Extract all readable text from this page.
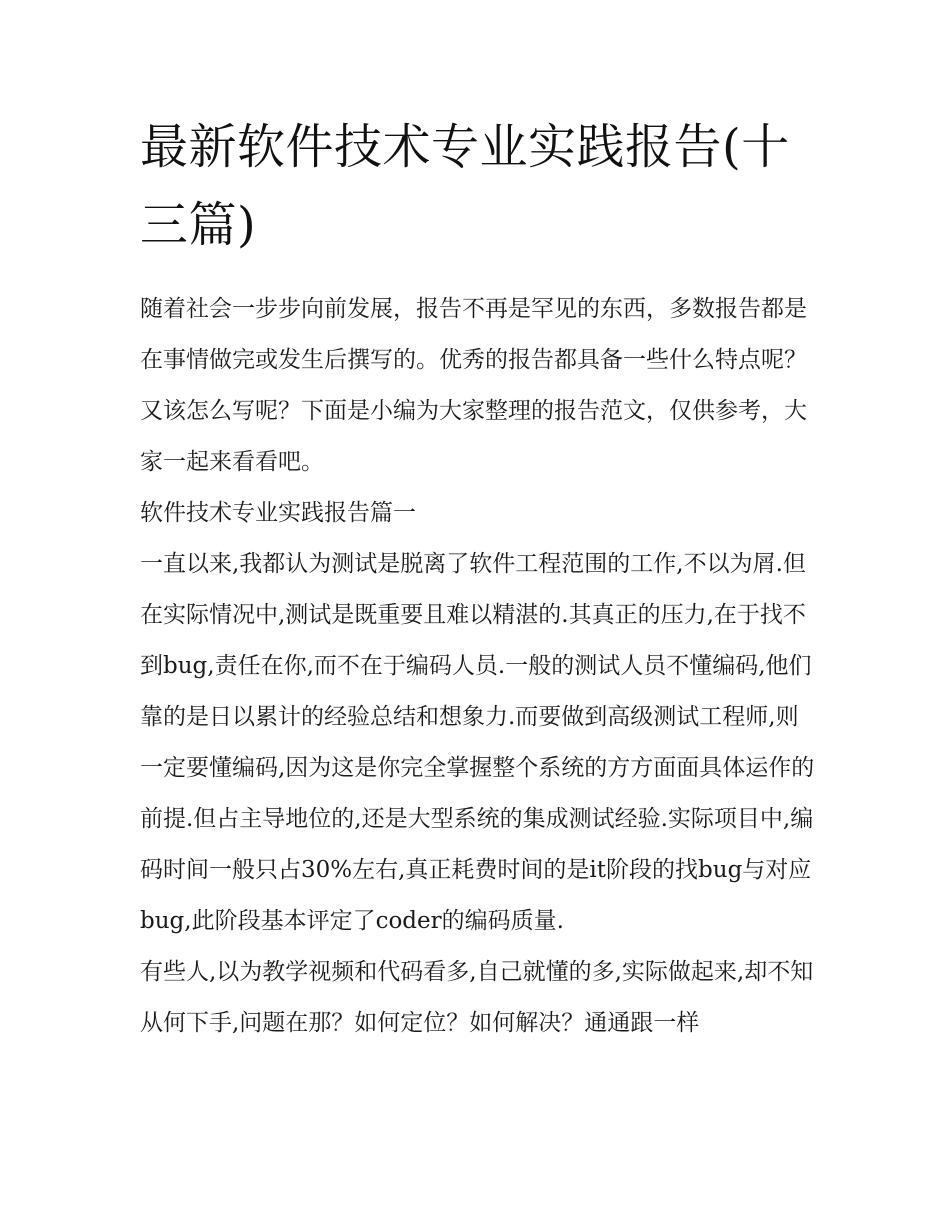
最新软件技术专业实践报告(十三篇)

随着社会一步步向前发展，报告不再是罕见的东西，多数报告都是在事情做完或发生后撰写的。优秀的报告都具备一些什么特点呢？又该怎么写呢？下面是小编为大家整理的报告范文，仅供参考，大家一起来看看吧。

软件技术专业实践报告篇一

一直以来,我都认为测试是脱离了软件工程范围的工作,不以为屑.但在实际情况中,测试是既重要且难以精湛的.其真正的压力,在于找不到bug,责任在你,而不在于编码人员.一般的测试人员不懂编码,他们靠的是日以累计的经验总结和想象力.而要做到高级测试工程师,则一定要懂编码,因为这是你完全掌握整个系统的方方面面具体运作的前提.但占主导地位的,还是大型系统的集成测试经验.实际项目中,编码时间一般只占30%左右,真正耗费时间的是it阶段的找bug与对应bug,此阶段基本评定了coder的编码质量.

有些人,以为教学视频和代码看多,自己就懂的多,实际做起来,却不知从何下手,问题在那？如何定位？如何解决？通通跟一样
